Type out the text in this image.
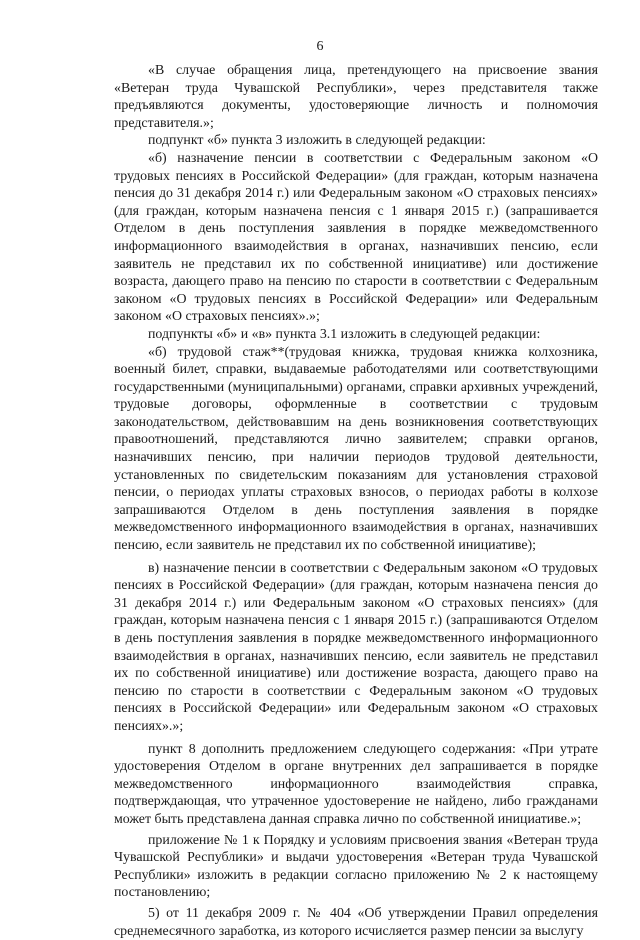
6

«В случае обращения лица, претендующего на присвоение звания «Ветеран труда Чувашской Республики», через представителя также предъявляются документы, удостоверяющие личность и полномочия представителя.»;

подпункт «б» пункта 3 изложить в следующей редакции:

«б) назначение пенсии в соответствии с Федеральным законом «О трудовых пенсиях в Российской Федерации» (для граждан, которым назначена пенсия до 31 декабря 2014 г.) или Федеральным законом «О страховых пенсиях» (для граждан, которым назначена пенсия с 1 января 2015 г.) (запрашивается Отделом в день поступления заявления в порядке межведомственного информационного взаимодействия в органах, назначивших пенсию, если заявитель не представил их по собственной инициативе) или достижение возраста, дающего право на пенсию по старости в соответствии с Федеральным законом «О трудовых пенсиях в Российской Федерации» или Федеральным законом «О страховых пенсиях».»;

подпункты «б» и «в» пункта 3.1 изложить в следующей редакции:

«б) трудовой стаж**(трудовая книжка, трудовая книжка колхозника, военный билет, справки, выдаваемые работодателями или соответствующими государственными (муниципальными) органами, справки архивных учреждений, трудовые договоры, оформленные в соответствии с трудовым законодательством, действовавшим на день возникновения соответствующих правоотношений, представляются лично заявителем; справки органов, назначивших пенсию, при наличии периодов трудовой деятельности, установленных по свидетельским показаниям для установления страховой пенсии, о периодах уплаты страховых взносов, о периодах работы в колхозе запрашиваются Отделом в день поступления заявления в порядке межведомственного информационного взаимодействия в органах, назначивших пенсию, если заявитель не представил их по собственной инициативе);

в) назначение пенсии в соответствии с Федеральным законом «О трудовых пенсиях в Российской Федерации» (для граждан, которым назначена пенсия до 31 декабря 2014 г.) или Федеральным законом «О страховых пенсиях» (для граждан, которым назначена пенсия с 1 января 2015 г.) (запрашиваются Отделом в день поступления заявления в порядке межведомственного информационного взаимодействия в органах, назначивших пенсию, если заявитель не представил их по собственной инициативе) или достижение возраста, дающего право на пенсию по старости в соответствии с Федеральным законом «О трудовых пенсиях в Российской Федерации» или Федеральным законом «О страховых пенсиях».»;

пункт 8 дополнить предложением следующего содержания: «При утрате удостоверения Отделом в органе внутренних дел запрашивается в порядке межведомственного информационного взаимодействия справка, подтверждающая, что утраченное удостоверение не найдено, либо гражданами может быть представлена данная справка лично по собственной инициативе.»;

приложение № 1 к Порядку и условиям присвоения звания «Ветеран труда Чувашской Республики» и выдачи удостоверения «Ветеран труда Чувашской Республики» изложить в редакции согласно приложению № 2 к настоящему постановлению;

5) от 11 декабря 2009 г. № 404 «Об утверждении Правил определения среднемесячного заработка, из которого исчисляется размер пенсии за выслугу
